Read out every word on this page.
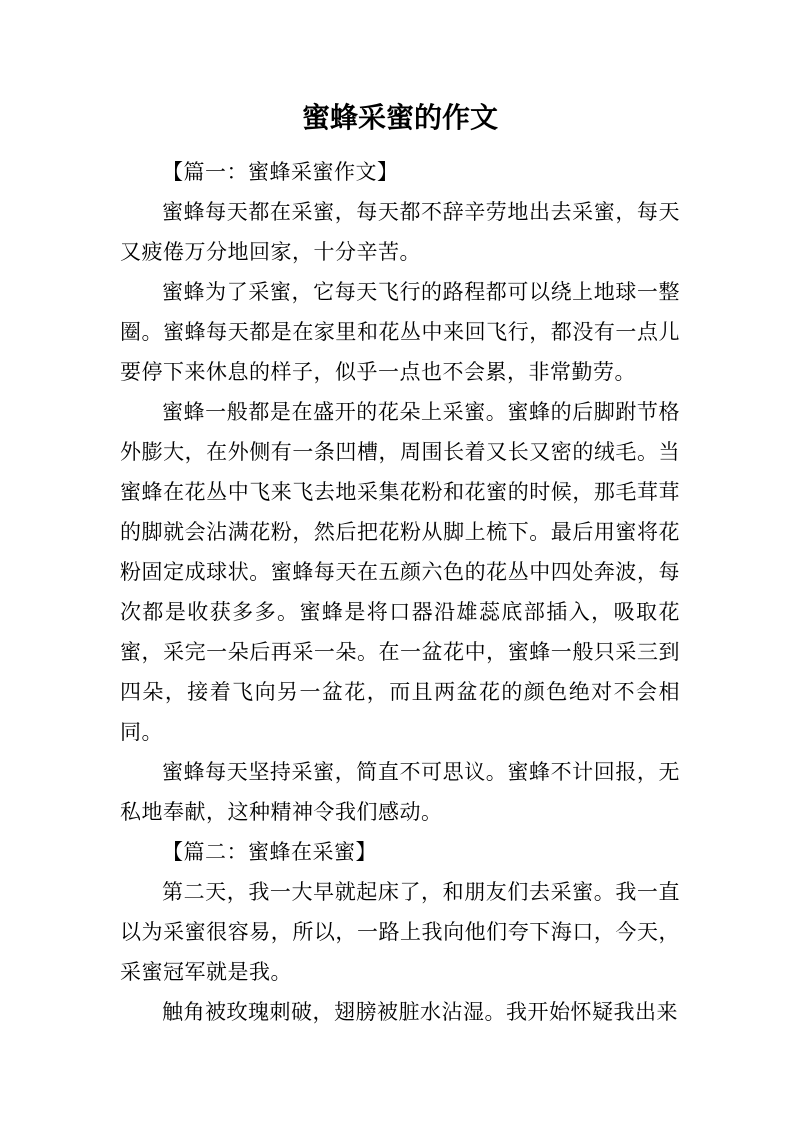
蜜蜂采蜜的作文

【篇一：蜜蜂采蜜作文】

蜜蜂每天都在采蜜，每天都不辞辛劳地出去采蜜，每天又疲倦万分地回家，十分辛苦。

蜜蜂为了采蜜，它每天飞行的路程都可以绕上地球一整圈。蜜蜂每天都是在家里和花丛中来回飞行，都没有一点儿要停下来休息的样子，似乎一点也不会累，非常勤劳。

蜜蜂一般都是在盛开的花朵上采蜜。蜜蜂的后脚跗节格外膨大，在外侧有一条凹槽，周围长着又长又密的绒毛。当蜜蜂在花丛中飞来飞去地采集花粉和花蜜的时候，那毛茸茸的脚就会沾满花粉，然后把花粉从脚上梳下。最后用蜜将花粉固定成球状。蜜蜂每天在五颜六色的花丛中四处奔波，每次都是收获多多。蜜蜂是将口器沿雄蕊底部插入，吸取花蜜，采完一朵后再采一朵。在一盆花中，蜜蜂一般只采三到四朵，接着飞向另一盆花，而且两盆花的颜色绝对不会相同。

蜜蜂每天坚持采蜜，简直不可思议。蜜蜂不计回报，无私地奉献，这种精神令我们感动。

【篇二：蜜蜂在采蜜】

第二天，我一大早就起床了，和朋友们去采蜜。我一直以为采蜜很容易，所以，一路上我向他们夸下海口，今天，采蜜冠军就是我。

触角被玫瑰刺破，翅膀被脏水沾湿。我开始怀疑我出来
